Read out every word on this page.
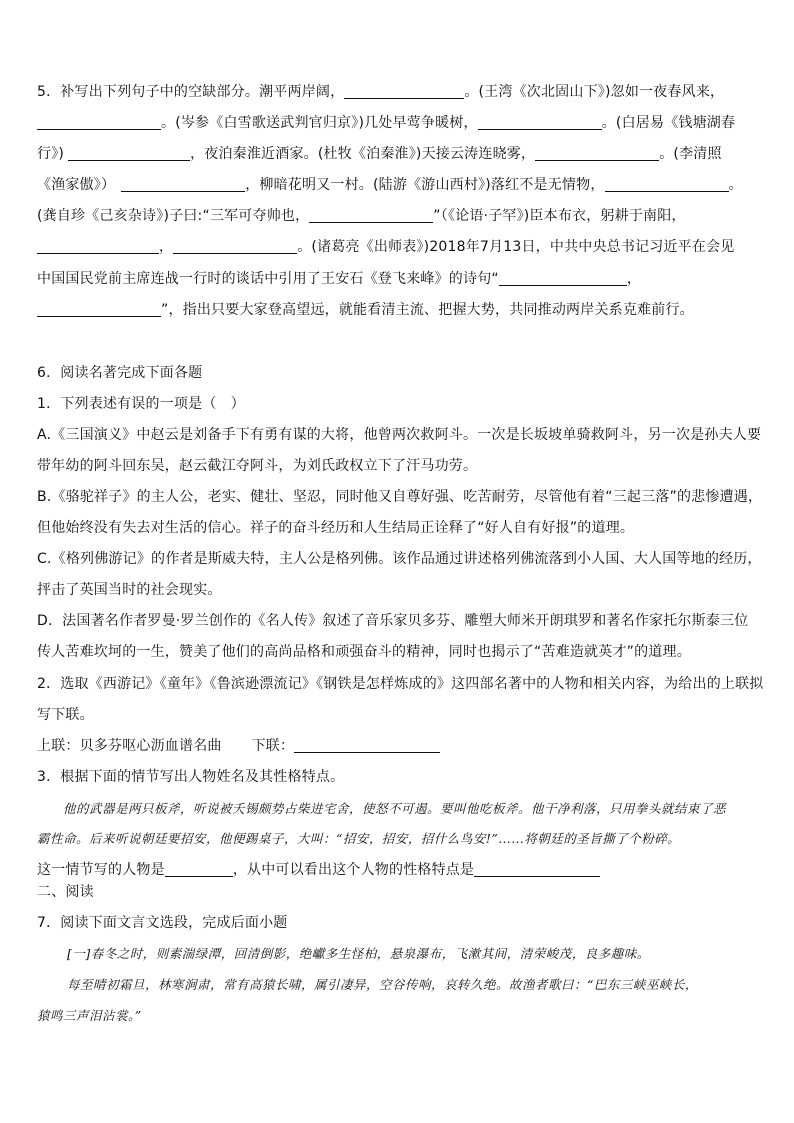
5．补写出下列句子中的空缺部分。潮平两岸阔，	。(王湾《次北固山下》)忽如一夜春风来，
。(岑参《白雪歌送武判官归京》)几处早莺争暖树，	。(白居易《钱塘湖春
行》)	，夜泊秦淮近酒家。(杜牧《泊秦淮》)天接云涛连晓雾，	。(李清照
《渔家傲》）	，柳暗花明又一村。(陆游《游山西村》)落红不是无情物，	。
(龚自珍《己亥杂诗》)子曰:“三军可夺帅也，	”（《论语·子罕》)臣本布衣，躬耕于南阳，
，	。(诸葛亮《出师表》)2018年7月13日，中共中央总书记习近平在会见
中国国民党前主席连战一行时的谈话中引用了王安石《登飞来峰》的诗句“	，
”，指出只要大家登高望远，就能看清主流、把握大势，共同推动两岸关系克难前行。
6．阅读名著完成下面各题
1．下列表述有误的一项是（　）
A.《三国演义》中赵云是刘备手下有勇有谋的大将，他曾两次救阿斗。一次是长坂坡单骑救阿斗，另一次是孙夫人要
带年幼的阿斗回东吴，赵云截江夺阿斗，为刘氏政权立下了汗马功劳。
B.《骆驼祥子》的主人公，老实、健壮、坚忍，同时他又自尊好强、吃苦耐劳，尽管他有着“三起三落”的悲惨遭遇，
但他始终没有失去对生活的信心。祥子的奋斗经历和人生结局正诠释了“好人自有好报”的道理。
C.《格列佛游记》的作者是斯威夫特，主人公是格列佛。该作品通过讲述格列佛流落到小人国、大人国等地的经历，
抨击了英国当时的社会现实。
D．法国著名作者罗曼·罗兰创作的《名人传》叙述了音乐家贝多芬、雕塑大师米开朗琪罗和著名作家托尔斯泰三位
传人苦难坎坷的一生，赞美了他们的高尚品格和顽强奋斗的精神，同时也揭示了“苦难造就英才”的道理。
2．选取《西游记》《童年》《鲁滨逊漂流记》《钢铁是怎样炼成的》这四部名著中的人物和相关内容，为给出的上联拟
写下联。
上联：贝多芬呕心沥血谱名曲 下联：
3．根据下面的情节写出人物姓名及其性格特点。
他的武器是两只板斧，听说被夭锡颇势占柴进宅舍，使怒不可遏。要叫他吃板斧。他干净利落，只用拳头就结束了恶
霸性命。后来听说朝廷要招安，他便踢桌子，大叫：“招安，招安，招什么鸟安!”……将朝廷的圣旨撕了个粉碎。
这一情节写的人物是	，从中可以看出这个人物的性格特点是
二、阅读
7．阅读下面文言文选段，完成后面小题
[一]春冬之时，则素湍绿潭，回清倒影，绝巘多生怪柏，悬泉瀑布，飞漱其间，清荣峻茂，良多趣味。
每至晴初霜旦，林寒涧肃，常有高猿长啸，属引凄异，空谷传响，哀转久绝。故渔者歌曰：“巴东三峡巫峡长，
猿鸣三声泪沾裳。”
